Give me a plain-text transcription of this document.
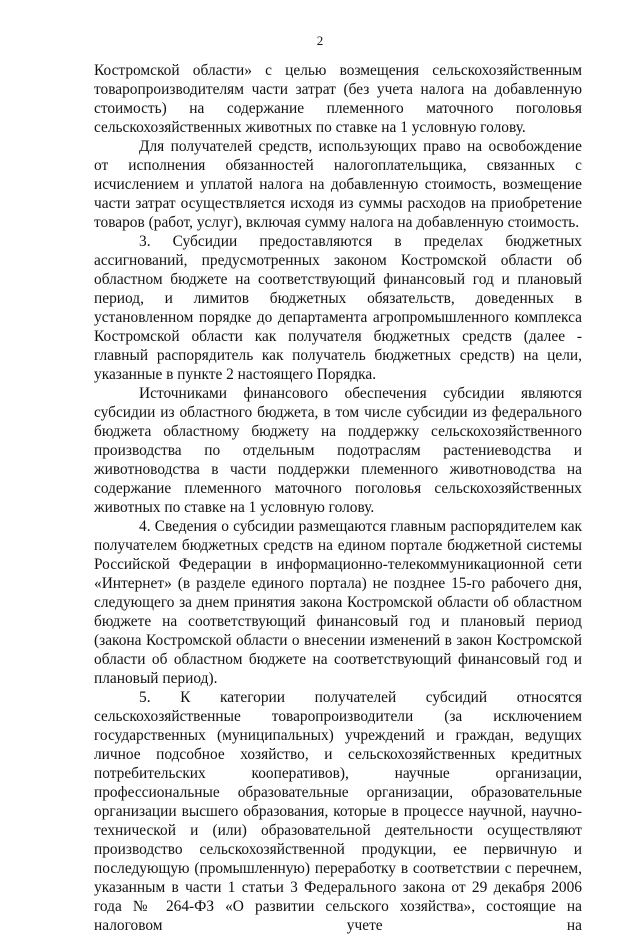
2

Костромской области» с целью возмещения сельскохозяйственным товаропроизводителям части затрат (без учета налога на добавленную стоимость) на содержание племенного маточного поголовья сельскохозяйственных животных по ставке на 1 условную голову.

Для получателей средств, использующих право на освобождение от исполнения обязанностей налогоплательщика, связанных с исчислением и уплатой налога на добавленную стоимость, возмещение части затрат осуществляется исходя из суммы расходов на приобретение товаров (работ, услуг), включая сумму налога на добавленную стоимость.

3. Субсидии предоставляются в пределах бюджетных ассигнований, предусмотренных законом Костромской области об областном бюджете на соответствующий финансовый год и плановый период, и лимитов бюджетных обязательств, доведенных в установленном порядке до департамента агропромышленного комплекса Костромской области как получателя бюджетных средств (далее - главный распорядитель как получатель бюджетных средств) на цели, указанные в пункте 2 настоящего Порядка.

Источниками финансового обеспечения субсидии являются субсидии из областного бюджета, в том числе субсидии из федерального бюджета областному бюджету на поддержку сельскохозяйственного производства по отдельным подотраслям растениеводства и животноводства в части поддержки племенного животноводства на содержание племенного маточного поголовья сельскохозяйственных животных по ставке на 1 условную голову.

4. Сведения о субсидии размещаются главным распорядителем как получателем бюджетных средств на едином портале бюджетной системы Российской Федерации в информационно-телекоммуникационной сети «Интернет» (в разделе единого портала) не позднее 15-го рабочего дня, следующего за днем принятия закона Костромской области об областном бюджете на соответствующий финансовый год и плановый период (закона Костромской области о внесении изменений в закон Костромской области об областном бюджете на соответствующий финансовый год и плановый период).

5. К категории получателей субсидий относятся сельскохозяйственные товаропроизводители (за исключением государственных (муниципальных) учреждений и граждан, ведущих личное подсобное хозяйство, и сельскохозяйственных кредитных потребительских кооперативов), научные организации, профессиональные образовательные организации, образовательные организации высшего образования, которые в процессе научной, научно-технической и (или) образовательной деятельности осуществляют производство сельскохозяйственной продукции, ее первичную и последующую (промышленную) переработку в соответствии с перечнем, указанным в части 1 статьи 3 Федерального закона от 29 декабря 2006 года № 264-ФЗ «О развитии сельского хозяйства», состоящие на налоговом учете на
